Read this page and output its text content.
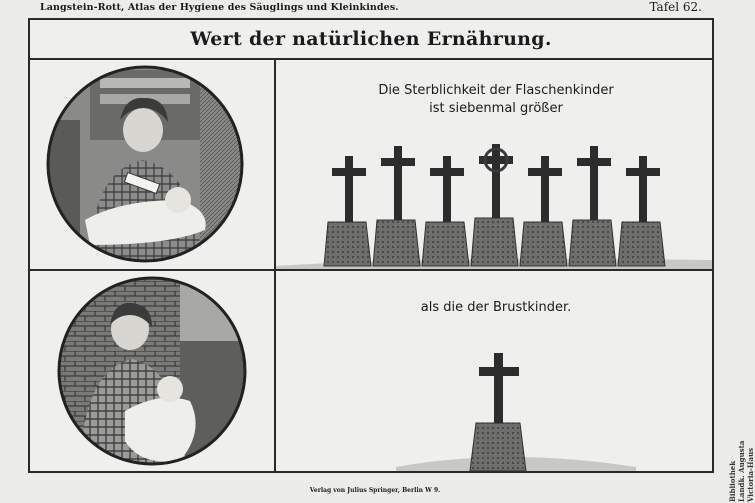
Langstein-Rott, Atlas der Hygiene des Säuglings und Kleinkindes.	Tafel 62.
Wert der natürlichen Ernährung.
Die Sterblichkeit der Flaschenkinder
ist siebenmal größer
als die der Brustkinder.
Verlag von Julius Springer, Berlin W 9.	Bibliothek
Landk. Augusta Victoria-Haus
